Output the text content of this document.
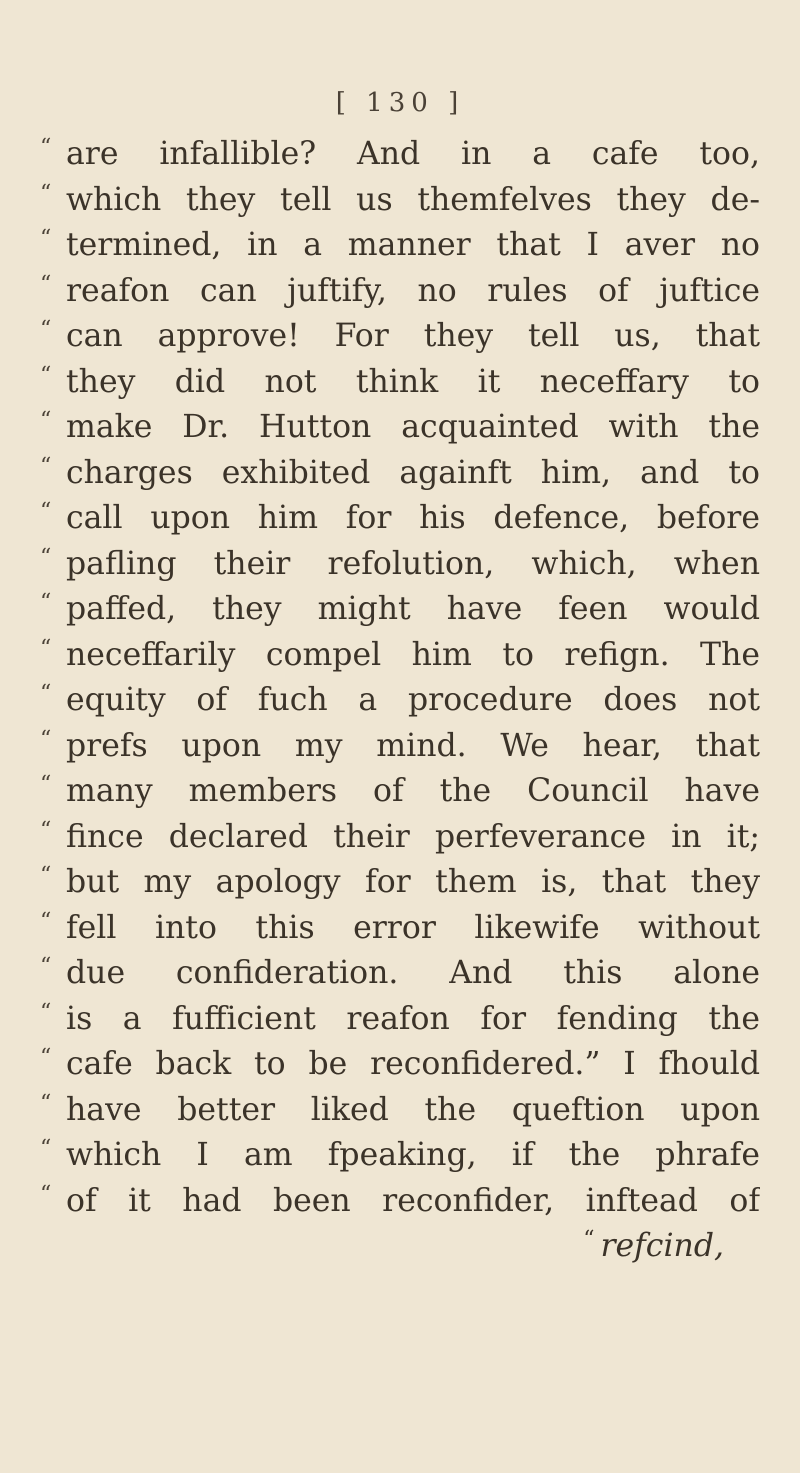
[ 130 ]
“ are infallible? And in a cafe too,
“ which they tell us themfelves they de-
“ termined, in a manner that I aver no
“ reafon can juftify, no rules of juftice
“ can approve! For they tell us, that
“ they did not think it neceffary to
“ make Dr. Hutton acquainted with the
“ charges exhibited againft him, and to
“ call upon him for his defence, before
“ pafling their refolution, which, when
“ paffed, they might have feen would
“ neceffarily compel him to refign. The
“ equity of fuch a procedure does not
“ prefs upon my mind. We hear, that
“ many members of the Council have
“ fince declared their perfeverance in it;
“ but my apology for them is, that they
“ fell into this error likewife without
“ due confideration. And this alone
“ is a fufficient reafon for fending the
“ cafe back to be reconfidered.” I fhould
“ have better liked the queftion upon
“ which I am fpeaking, if the phrafe
“ of it had been reconfider, inftead of
“ refcind,
